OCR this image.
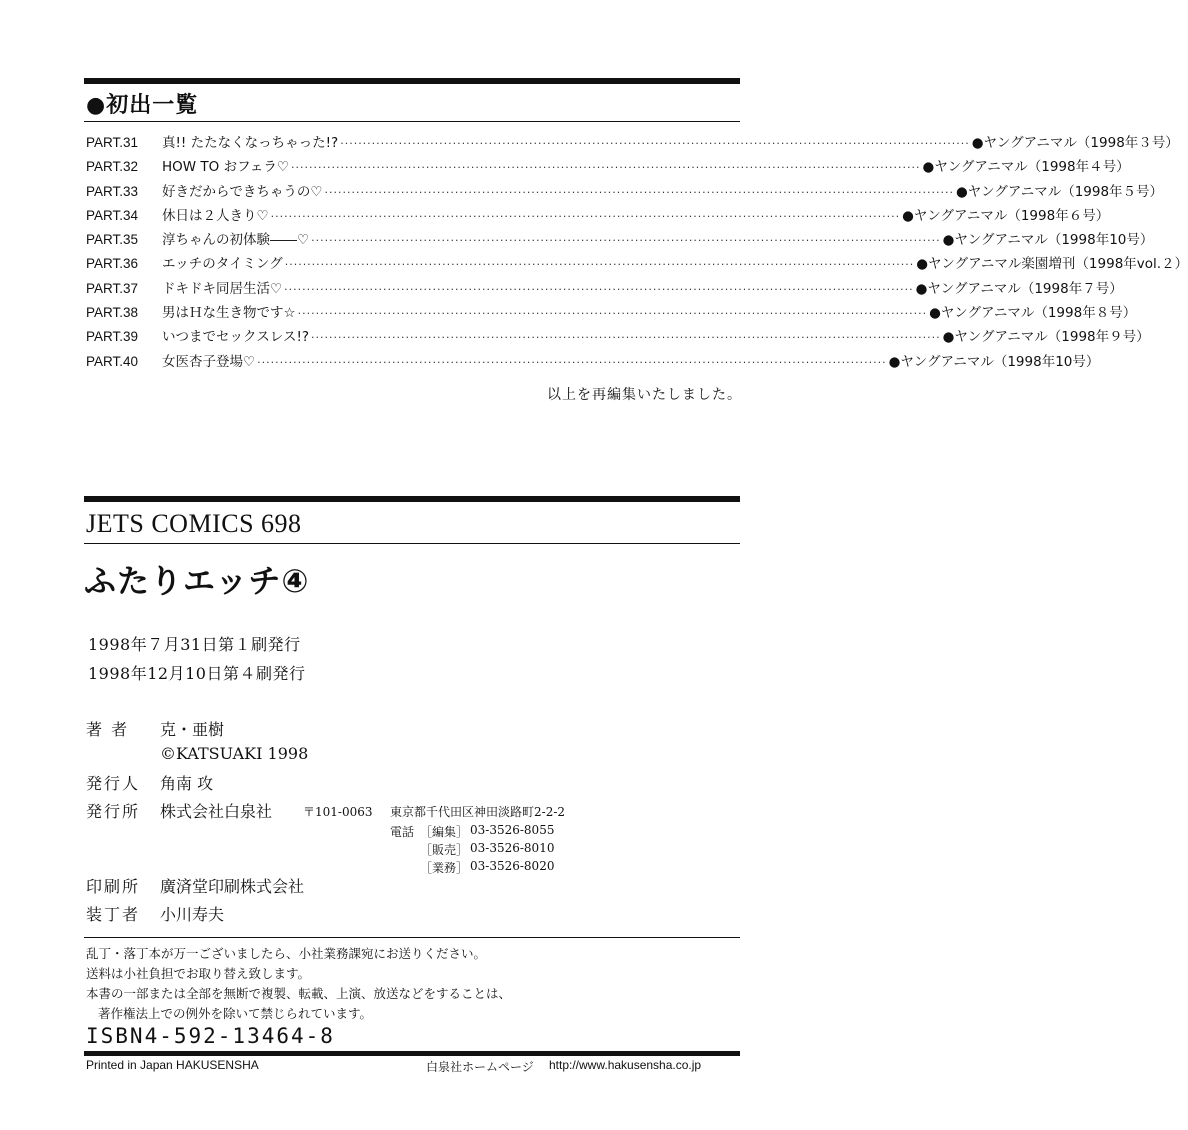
●初出一覧
PART.31	真!! たたなくなっちゃった!? ············································································································································ ●ヤングアニマル（1998年３号）
PART.32	HOW TO おフェラ♡ ············································································································································ ●ヤングアニマル（1998年４号）
PART.33	好きだからできちゃうの♡ ············································································································································ ●ヤングアニマル（1998年５号）
PART.34	休日は２人きり♡ ············································································································································ ●ヤングアニマル（1998年６号）
PART.35	淳ちゃんの初体験――♡ ············································································································································ ●ヤングアニマル（1998年10号）
PART.36	エッチのタイミング ············································································································································ ●ヤングアニマル楽園増刊（1998年vol.２）
PART.37	ドキドキ同居生活♡ ············································································································································ ●ヤングアニマル（1998年７号）
PART.38	男はＨな生き物です☆ ············································································································································ ●ヤングアニマル（1998年８号）
PART.39	いつまでセックスレス!? ············································································································································ ●ヤングアニマル（1998年９号）
PART.40	女医杏子登場♡ ············································································································································ ●ヤングアニマル（1998年10号）
以上を再編集いたしました。
JETS COMICS 698
ふたりエッチ④
1998年７月31日第１刷発行
1998年12月10日第４刷発行
著 者 克・亜樹
©KATSUAKI 1998
発行人 角南 攻
発行所 株式会社白泉社	〒101-0063 東京都千代田区神田淡路町2-2-2
電話 ［編集］ 03-3526-8055
［販売］ 03-3526-8010
［業務］ 03-3526-8020
印刷所 廣済堂印刷株式会社
装丁者 小川寿夫
乱丁・落丁本が万一ございましたら、小社業務課宛にお送りください。
送料は小社負担でお取り替え致します。
本書の一部または全部を無断で複製、転載、上演、放送などをすることは、
著作権法上での例外を除いて禁じられています。
ISBN4-592-13464-8
Printed in Japan HAKUSENSHA	白泉社ホームページ http://www.hakusensha.co.jp
